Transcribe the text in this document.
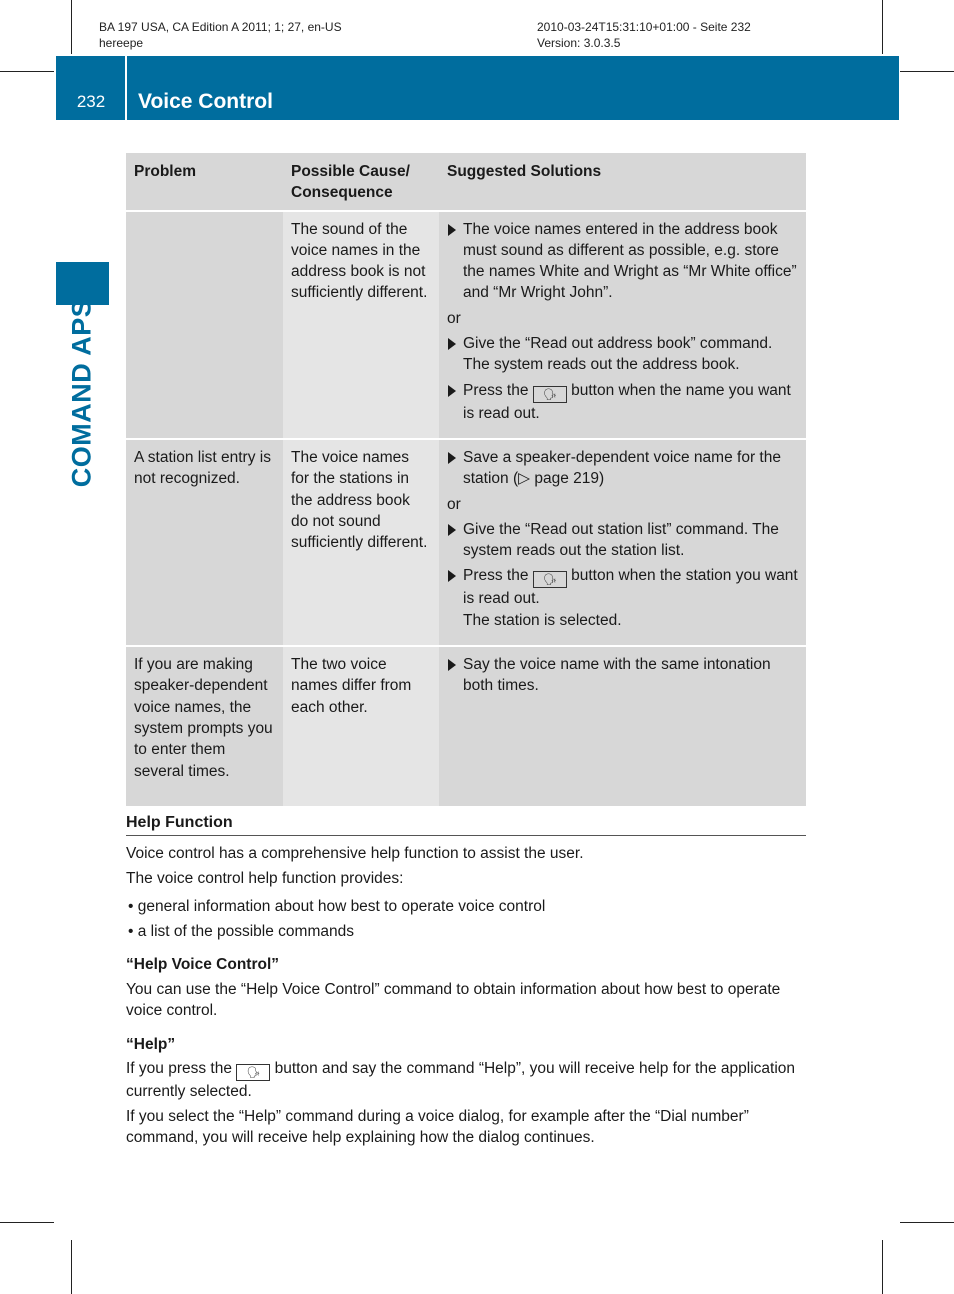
BA 197 USA, CA Edition A 2011; 1; 27, en-US
hereepe
2010-03-24T15:31:10+01:00 - Seite 232
Version: 3.0.3.5
232	Voice Control
COMAND APS
Problem	Possible Cause/ Consequence	Suggested Solutions
	The sound of the voice names in the address book is not sufficiently different.	The voice names entered in the address book must sound as different as possible, e.g. store the names White and Wright as “Mr White office” and “Mr Wright John”.
or
Give the “Read out address book” command. The system reads out the address book.
Press the 🗣︎ button when the name you want is read out.

A station list entry is not recognized.	The voice names for the stations in the address book do not sound sufficiently different.	Save a speaker-dependent voice name for the station (▷ page 219)
or
Give the “Read out station list” command. The system reads out the station list.
Press the 🗣︎ button when the station you want is read out.
The station is selected.

If you are making speaker-dependent voice names, the system prompts you to enter them several times.	The two voice names differ from each other.	Say the voice name with the same intonation both times.
Help Function

Voice control has a comprehensive help function to assist the user.

The voice control help function provides:

• general information about how best to operate voice control

• a list of the possible commands

“Help Voice Control”

You can use the “Help Voice Control” command to obtain information about how best to operate voice control.

“Help”

If you press the 🗣︎ button and say the command “Help”, you will receive help for the application currently selected.

If you select the “Help” command during a voice dialog, for example after the “Dial number” command, you will receive help explaining how the dialog continues.
